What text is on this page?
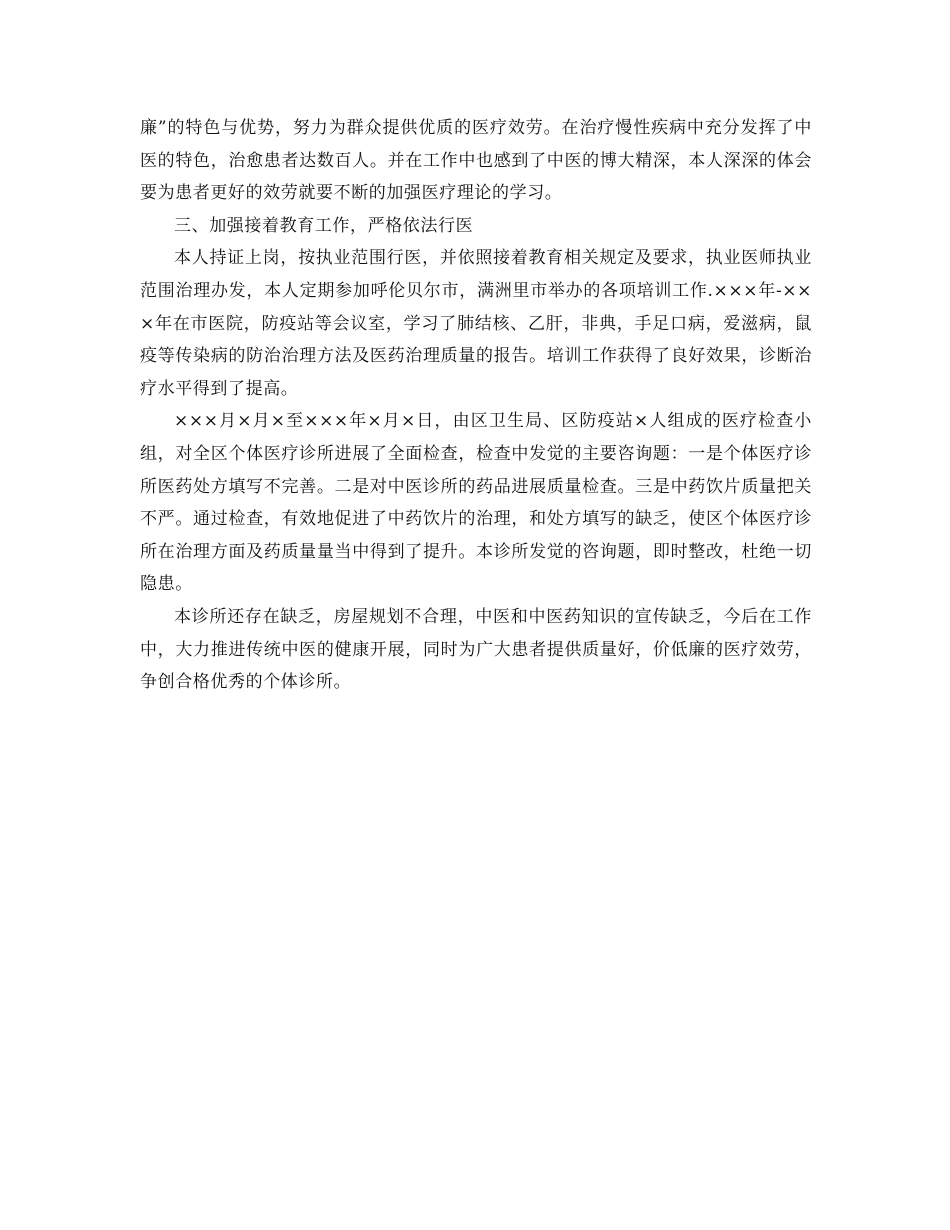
廉”的特色与优势，努力为群众提供优质的医疗效劳。在治疗慢性疾病中充分发挥了中医的特色，治愈患者达数百人。并在工作中也感到了中医的博大精深，本人深深的体会要为患者更好的效劳就要不断的加强医疗理论的学习。

三、加强接着教育工作，严格依法行医

本人持证上岗，按执业范围行医，并依照接着教育相关规定及要求，执业医师执业范围治理办发，本人定期参加呼伦贝尔市，满洲里市举办的各项培训工作.×××年-×××年在市医院，防疫站等会议室，学习了肺结核、乙肝，非典，手足口病，爱滋病，鼠疫等传染病的防治治理方法及医药治理质量的报告。培训工作获得了良好效果，诊断治疗水平得到了提高。

×××月×月×至×××年×月×日，由区卫生局、区防疫站×人组成的医疗检查小组，对全区个体医疗诊所进展了全面检查，检查中发觉的主要咨询题：一是个体医疗诊所医药处方填写不完善。二是对中医诊所的药品进展质量检查。三是中药饮片质量把关不严。通过检查，有效地促进了中药饮片的治理，和处方填写的缺乏，使区个体医疗诊所在治理方面及药质量量当中得到了提升。本诊所发觉的咨询题，即时整改，杜绝一切隐患。

本诊所还存在缺乏，房屋规划不合理，中医和中医药知识的宣传缺乏，今后在工作中，大力推进传统中医的健康开展，同时为广大患者提供质量好，价低廉的医疗效劳，争创合格优秀的个体诊所。
